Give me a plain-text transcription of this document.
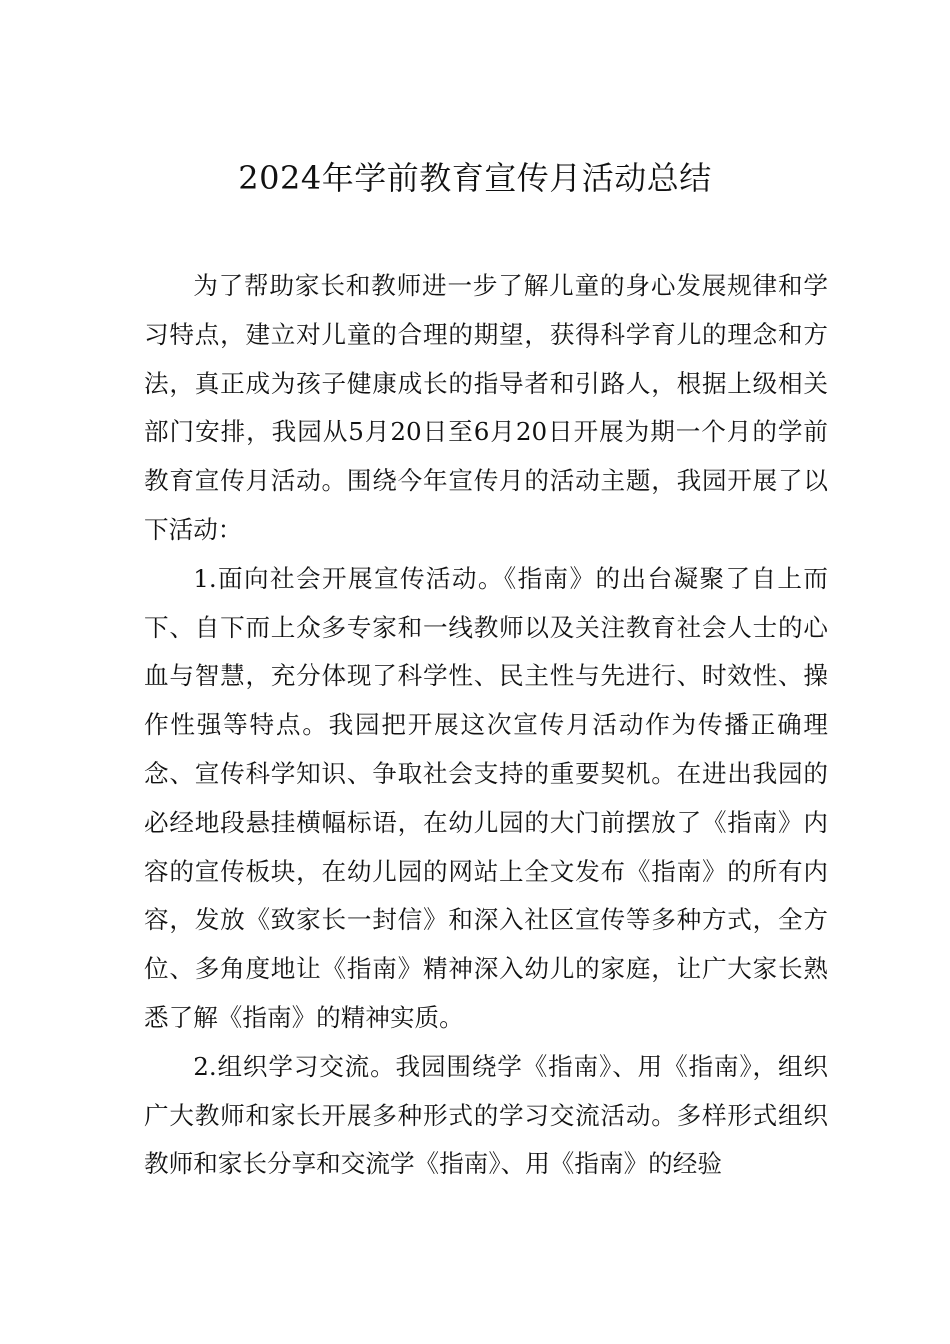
2024年学前教育宣传月活动总结

为了帮助家长和教师进一步了解儿童的身心发展规律和学习特点，建立对儿童的合理的期望，获得科学育儿的理念和方法，真正成为孩子健康成长的指导者和引路人，根据上级相关部门安排，我园从5月20日至6月20日开展为期一个月的学前教育宣传月活动。围绕今年宣传月的活动主题，我园开展了以下活动：

1.面向社会开展宣传活动。《指南》的出台凝聚了自上而下、自下而上众多专家和一线教师以及关注教育社会人士的心血与智慧，充分体现了科学性、民主性与先进行、时效性、操作性强等特点。我园把开展这次宣传月活动作为传播正确理念、宣传科学知识、争取社会支持的重要契机。在进出我园的必经地段悬挂横幅标语，在幼儿园的大门前摆放了《指南》内容的宣传板块，在幼儿园的网站上全文发布《指南》的所有内容，发放《致家长一封信》和深入社区宣传等多种方式，全方位、多角度地让《指南》精神深入幼儿的家庭，让广大家长熟悉了解《指南》的精神实质。

2.组织学习交流。我园围绕学《指南》、用《指南》，组织广大教师和家长开展多种形式的学习交流活动。多样形式组织教师和家长分享和交流学《指南》、用《指南》的经验
